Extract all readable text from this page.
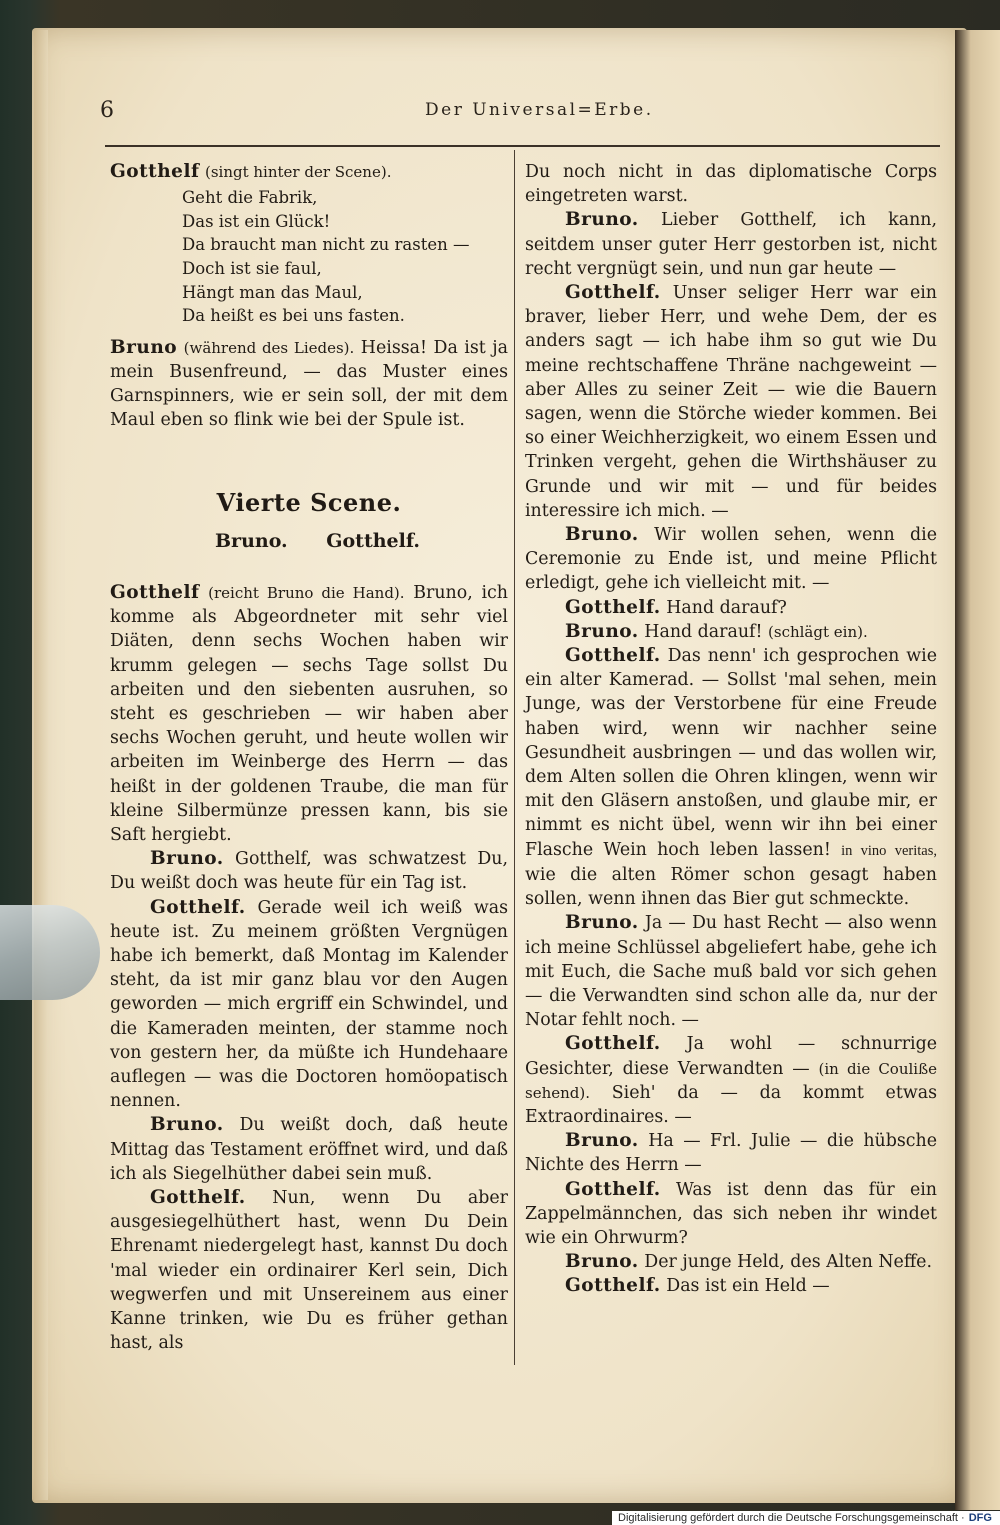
6	Der Universal=Erbe.

Gotthelf (singt hinter der Scene).

Geht die Fabrik,
Das ist ein Glück!
Da braucht man nicht zu rasten —
Doch ist sie faul,
Hängt man das Maul,
Da heißt es bei uns fasten.

Bruno (während des Liedes). Heissa! Da ist ja mein Busenfreund, — das Muster eines Garnspinners, wie er sein soll, der mit dem Maul eben so flink wie bei der Spule ist.

Vierte Scene.
Bruno. Gotthelf.

Gotthelf (reicht Bruno die Hand). Bruno, ich komme als Abgeordneter mit sehr viel Diäten, denn sechs Wochen haben wir krumm gelegen — sechs Tage sollst Du arbeiten und den siebenten ausruhen, so steht es geschrieben — wir haben aber sechs Wochen geruht, und heute wollen wir arbeiten im Weinberge des Herrn — das heißt in der goldenen Traube, die man für kleine Silbermünze pressen kann, bis sie Saft hergiebt.

Bruno. Gotthelf, was schwatzest Du, Du weißt doch was heute für ein Tag ist.

Gotthelf. Gerade weil ich weiß was heute ist. Zu meinem größten Vergnügen habe ich bemerkt, daß Montag im Kalender steht, da ist mir ganz blau vor den Augen geworden — mich ergriff ein Schwindel, und die Kameraden meinten, der stamme noch von gestern her, da müßte ich Hundehaare auflegen — was die Doctoren homöopatisch nennen.

Bruno. Du weißt doch, daß heute Mittag das Testament eröffnet wird, und daß ich als Siegelhüther dabei sein muß.

Gotthelf. Nun, wenn Du aber ausgesiegelhüthert hast, wenn Du Dein Ehrenamt niedergelegt hast, kannst Du doch 'mal wieder ein ordinairer Kerl sein, Dich wegwerfen und mit Unsereinem aus einer Kanne trinken, wie Du es früher gethan hast, als

Du noch nicht in das diplomatische Corps eingetreten warst.

Bruno. Lieber Gotthelf, ich kann, seitdem unser guter Herr gestorben ist, nicht recht vergnügt sein, und nun gar heute —

Gotthelf. Unser seliger Herr war ein braver, lieber Herr, und wehe Dem, der es anders sagt — ich habe ihm so gut wie Du meine rechtschaffene Thräne nachgeweint — aber Alles zu seiner Zeit — wie die Bauern sagen, wenn die Störche wieder kommen. Bei so einer Weichherzigkeit, wo einem Essen und Trinken vergeht, gehen die Wirthshäuser zu Grunde und wir mit — und für beides interessire ich mich. —

Bruno. Wir wollen sehen, wenn die Ceremonie zu Ende ist, und meine Pflicht erledigt, gehe ich vielleicht mit. —

Gotthelf. Hand darauf?

Bruno. Hand darauf! (schlägt ein).

Gotthelf. Das nenn' ich gesprochen wie ein alter Kamerad. — Sollst 'mal sehen, mein Junge, was der Verstorbene für eine Freude haben wird, wenn wir nachher seine Gesundheit ausbringen — und das wollen wir, dem Alten sollen die Ohren klingen, wenn wir mit den Gläsern anstoßen, und glaube mir, er nimmt es nicht übel, wenn wir ihn bei einer Flasche Wein hoch leben lassen! in vino veritas, wie die alten Römer schon gesagt haben sollen, wenn ihnen das Bier gut schmeckte.

Bruno. Ja — Du hast Recht — also wenn ich meine Schlüssel abgeliefert habe, gehe ich mit Euch, die Sache muß bald vor sich gehen — die Verwandten sind schon alle da, nur der Notar fehlt noch. —

Gotthelf. Ja wohl — schnurrige Gesichter, diese Verwandten — (in die Couliße sehend). Sieh' da — da kommt etwas Extraordinaires. —

Bruno. Ha — Frl. Julie — die hübsche Nichte des Herrn —

Gotthelf. Was ist denn das für ein Zappelmännchen, das sich neben ihr windet wie ein Ohrwurm?

Bruno. Der junge Held, des Alten Neffe.

Gotthelf. Das ist ein Held —

Digitalisierung gefördert durch die Deutsche Forschungsgemeinschaft · DFG
